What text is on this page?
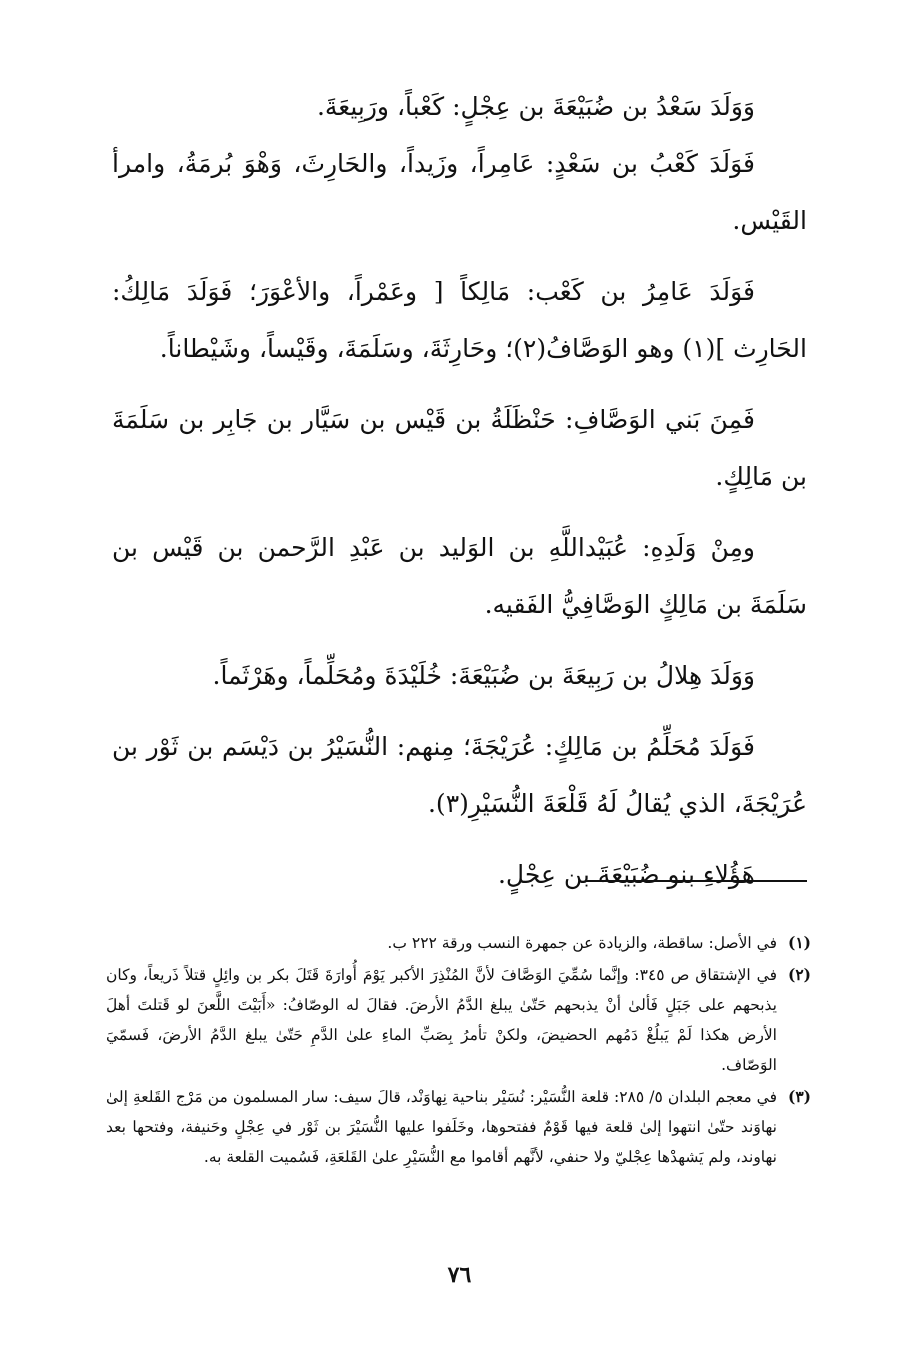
وَوَلَدَ سَعْدُ بن ضُبَيْعَةَ بن عِجْلٍ: كَعْباً، ورَبِيعَةَ.

فَوَلَدَ كَعْبُ بن سَعْدٍ: عَامِراً، وزَيداً، والحَارِثَ، وَهْوَ بُرمَةُ، وامرأ القَيْس.

فَوَلَدَ عَامِرُ بن كَعْب: مَالِكاً [ وعَمْراً، والأعْوَرَ؛ فَوَلَدَ مَالِكُ: الحَارِث ](١) وهو الوَصَّافُ(٢)؛ وحَارِثَةَ، وسَلَمَةَ، وقَيْساً، وشَيْطاناً.

فَمِنَ بَني الوَصَّافِ: حَنْظَلَةُ بن قَيْس بن سَيَّار بن جَابِر بن سَلَمَةَ بن مَالِكٍ.

ومِنْ وَلَدِهِ: عُبَيْداللَّهِ بن الوَليد بن عَبْدِ الرَّحمن بن قَيْس بن سَلَمَةَ بن مَالِكٍ الوَصَّافِيُّ الفَقيه.

وَوَلَدَ هِلالُ بن رَبِيعَةَ بن ضُبَيْعَةَ: خُلَيْدَةَ ومُحَلِّماً، وهَرْثَماً.

فَوَلَدَ مُحَلِّمُ بن مَالِكٍ: عُرَيْجَةَ؛ مِنهم: النُّسَيْرُ بن دَيْسَم بن ثَوْر بن عُرَيْجَةَ، الذي يُقالُ لَهُ قَلْعَةَ النُّسَيْرِ(٣).

هَؤُلاءِ بنو ضُبَيْعَةَ بن عِجْلٍ.

(١)في الأصل: ساقطة، والزيادة عن جمهرة النسب ورقة ٢٢٢ ب.

(٢)في الإشتقاق ص ٣٤٥: وإنَّما سُمِّيَ الوَصَّافَ لأنَّ المُنْذِرَ الأكبر يَوْمَ أُوارَةَ قَتَلَ بكر بن وائِلٍ قتلاً ذَريعاً، وكان يذبحهم على جَبَلٍ فَألىٰ أنْ يذبحهم حَتّىٰ يبلغ الدَّمُ الأرضَ. فقالَ له الوصّافُ: «أَبَيْتَ اللَّعنَ لو قَتلتَ أهلَ الأرض هكذا لَمْ يَبلُغْ دَمُهم الحضيضَ، ولكنْ تأمرُ بِصَبِّ الماءِ علىٰ الدَّمِ حَتّىٰ يبلغ الدَّمُ الأرضَ، فَسمّيَ الوَصّاف.

(٣)في معجم البلدان ٥/ ٢٨٥: قلعة النُّسَيْر: نُسَيْر بناحية نِهاوَنْد، قالَ سيف: سار المسلمون من مَرْج القَلعةِ إلىٰ نهاوَند حتّىٰ انتهوا إلىٰ قلعة فيها قَوْمٌ ففتحوها، وخَلَفوا عليها النُّسَيْرَ بن ثَوْر في عِجْلٍ وحَنيفة، وفتحها بعد نهاوند، ولم يَشهدْها عِجْليّ ولا حنفي، لأنَّهم أقاموا مع النُّسَيْرِ علىٰ القَلعَةِ، فَسُميت القلعة به.

٧٦
